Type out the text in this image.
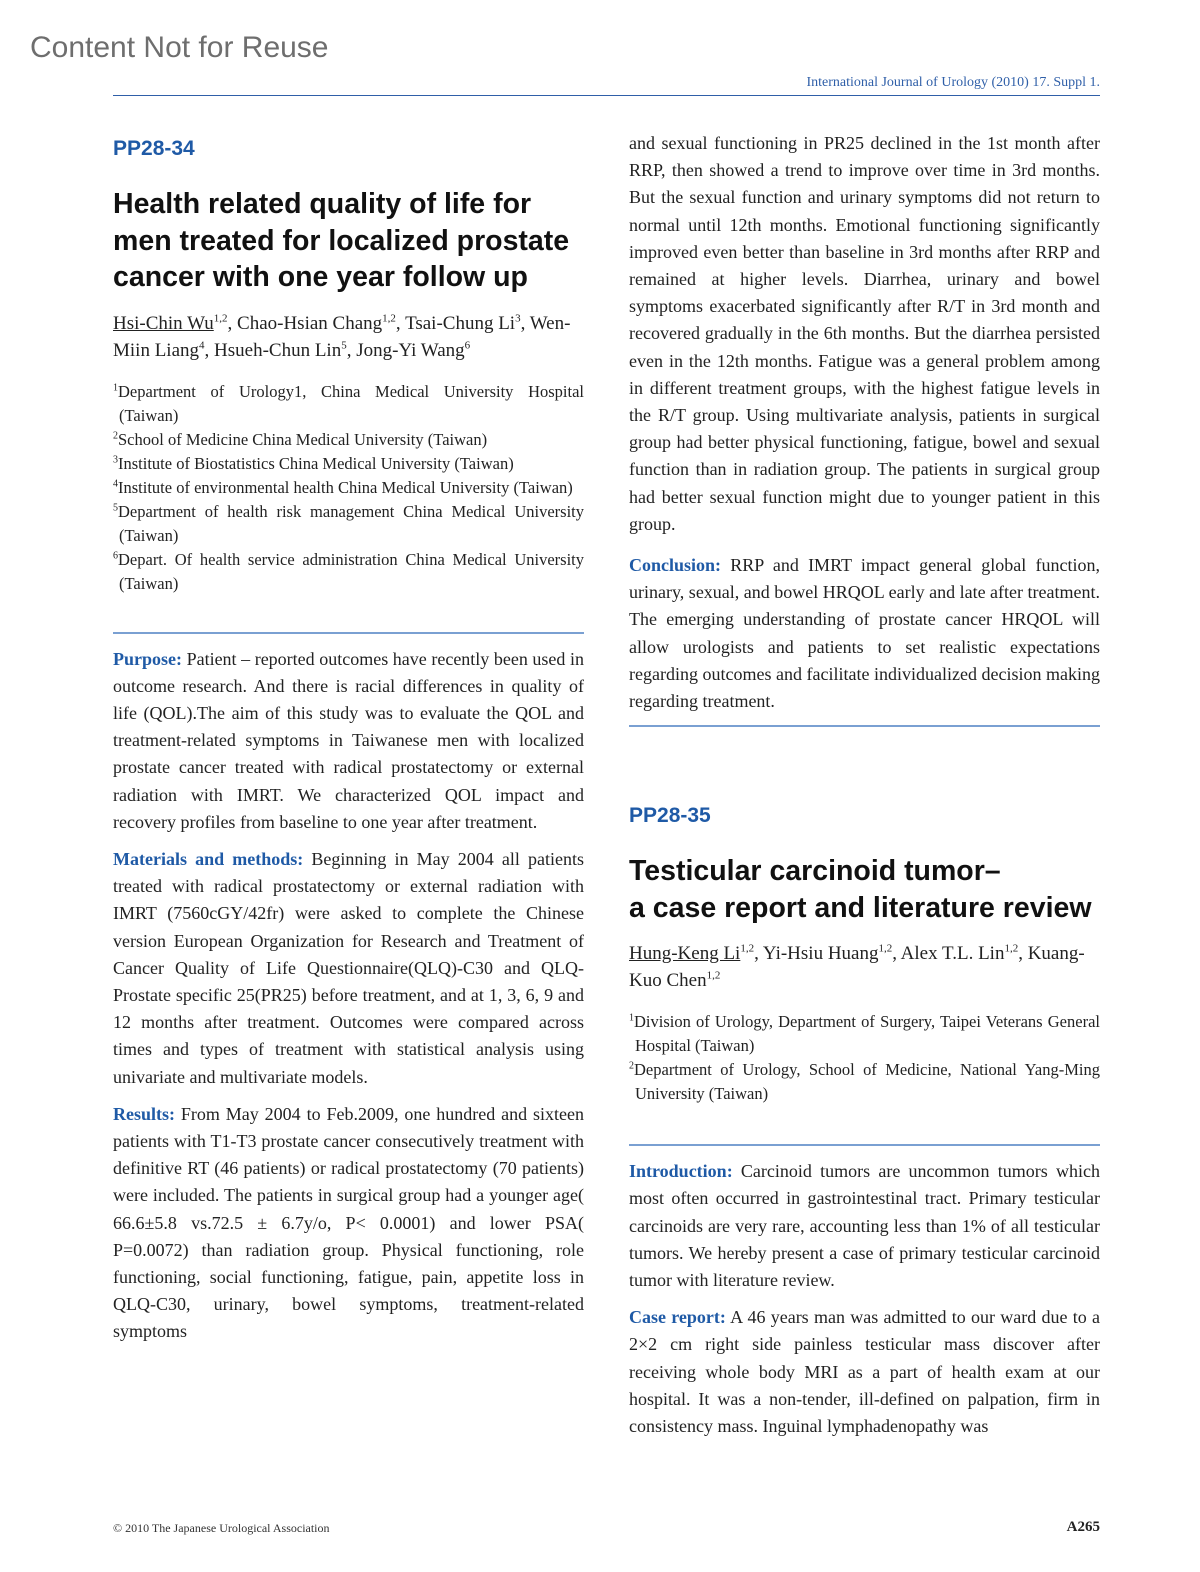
Content Not for Reuse
International Journal of Urology (2010) 17. Suppl 1.
PP28-34
Health related quality of life for men treated for localized prostate cancer with one year follow up
Hsi-Chin Wu$^{1,2}$, Chao-Hsian Chang$^{1,2}$, Tsai-Chung Li$^3$, Wen-Miin Liang$^4$, Hsueh-Chun Lin$^5$, Jong-Yi Wang$^6$
$^1$Department of Urology1, China Medical University Hospital (Taiwan)
$^2$School of Medicine China Medical University (Taiwan)
$^3$Institute of Biostatistics China Medical University (Taiwan)
$^4$Institute of environmental health China Medical University (Taiwan)
$^5$Department of health risk management China Medical University (Taiwan)
$^6$Depart. Of health service administration China Medical University (Taiwan)

Purpose: Patient – reported outcomes have recently been used in outcome research. And there is racial differences in quality of life (QOL).The aim of this study was to evaluate the QOL and treatment-related symptoms in Taiwanese men with localized prostate cancer treated with radical prostatectomy or external radiation with IMRT. We characterized QOL impact and recovery profiles from baseline to one year after treatment.

Materials and methods: Beginning in May 2004 all patients treated with radical prostatectomy or external radiation with IMRT (7560cGY/42fr) were asked to complete the Chinese version European Organization for Research and Treatment of Cancer Quality of Life Questionnaire(QLQ)-C30 and QLQ-Prostate specific 25(PR25) before treatment, and at 1, 3, 6, 9 and 12 months after treatment. Outcomes were compared across times and types of treatment with statistical analysis using univariate and multivariate models.

Results: From May 2004 to Feb.2009, one hundred and sixteen patients with T1-T3 prostate cancer consecutively treatment with definitive RT (46 patients) or radical prostatectomy (70 patients) were included. The patients in surgical group had a younger age( 66.6±5.8 vs.72.5 ± 6.7y/o, P< 0.0001) and lower PSA( P=0.0072) than radiation group. Physical functioning, role functioning, social functioning, fatigue, pain, appetite loss in QLQ-C30, urinary, bowel symptoms, treatment-related symptoms

and sexual functioning in PR25 declined in the 1st month after RRP, then showed a trend to improve over time in 3rd months. But the sexual function and urinary symptoms did not return to normal until 12th months. Emotional functioning significantly improved even better than baseline in 3rd months after RRP and remained at higher levels. Diarrhea, urinary and bowel symptoms exacerbated significantly after R/T in 3rd month and recovered gradually in the 6th months. But the diarrhea persisted even in the 12th months. Fatigue was a general problem among in different treatment groups, with the highest fatigue levels in the R/T group. Using multivariate analysis, patients in surgical group had better physical functioning, fatigue, bowel and sexual function than in radiation group. The patients in surgical group had better sexual function might due to younger patient in this group.

Conclusion: RRP and IMRT impact general global function, urinary, sexual, and bowel HRQOL early and late after treatment. The emerging understanding of prostate cancer HRQOL will allow urologists and patients to set realistic expectations regarding outcomes and facilitate individualized decision making regarding treatment.

PP28-35
Testicular carcinoid tumor–
a case report and literature review
Hung-Keng Li$^{1,2}$, Yi-Hsiu Huang$^{1,2}$, Alex T.L. Lin$^{1,2}$, Kuang-Kuo Chen$^{1,2}$
$^1$Division of Urology, Department of Surgery, Taipei Veterans General Hospital (Taiwan)
$^2$Department of Urology, School of Medicine, National Yang-Ming University (Taiwan)

Introduction: Carcinoid tumors are uncommon tumors which most often occurred in gastrointestinal tract. Primary testicular carcinoids are very rare, accounting less than 1% of all testicular tumors. We hereby present a case of primary testicular carcinoid tumor with literature review.

Case report: A 46 years man was admitted to our ward due to a 2×2 cm right side painless testicular mass discover after receiving whole body MRI as a part of health exam at our hospital. It was a non-tender, ill-defined on palpation, firm in consistency mass. Inguinal lymphadenopathy was

© 2010 The Japanese Urological Association	A265
